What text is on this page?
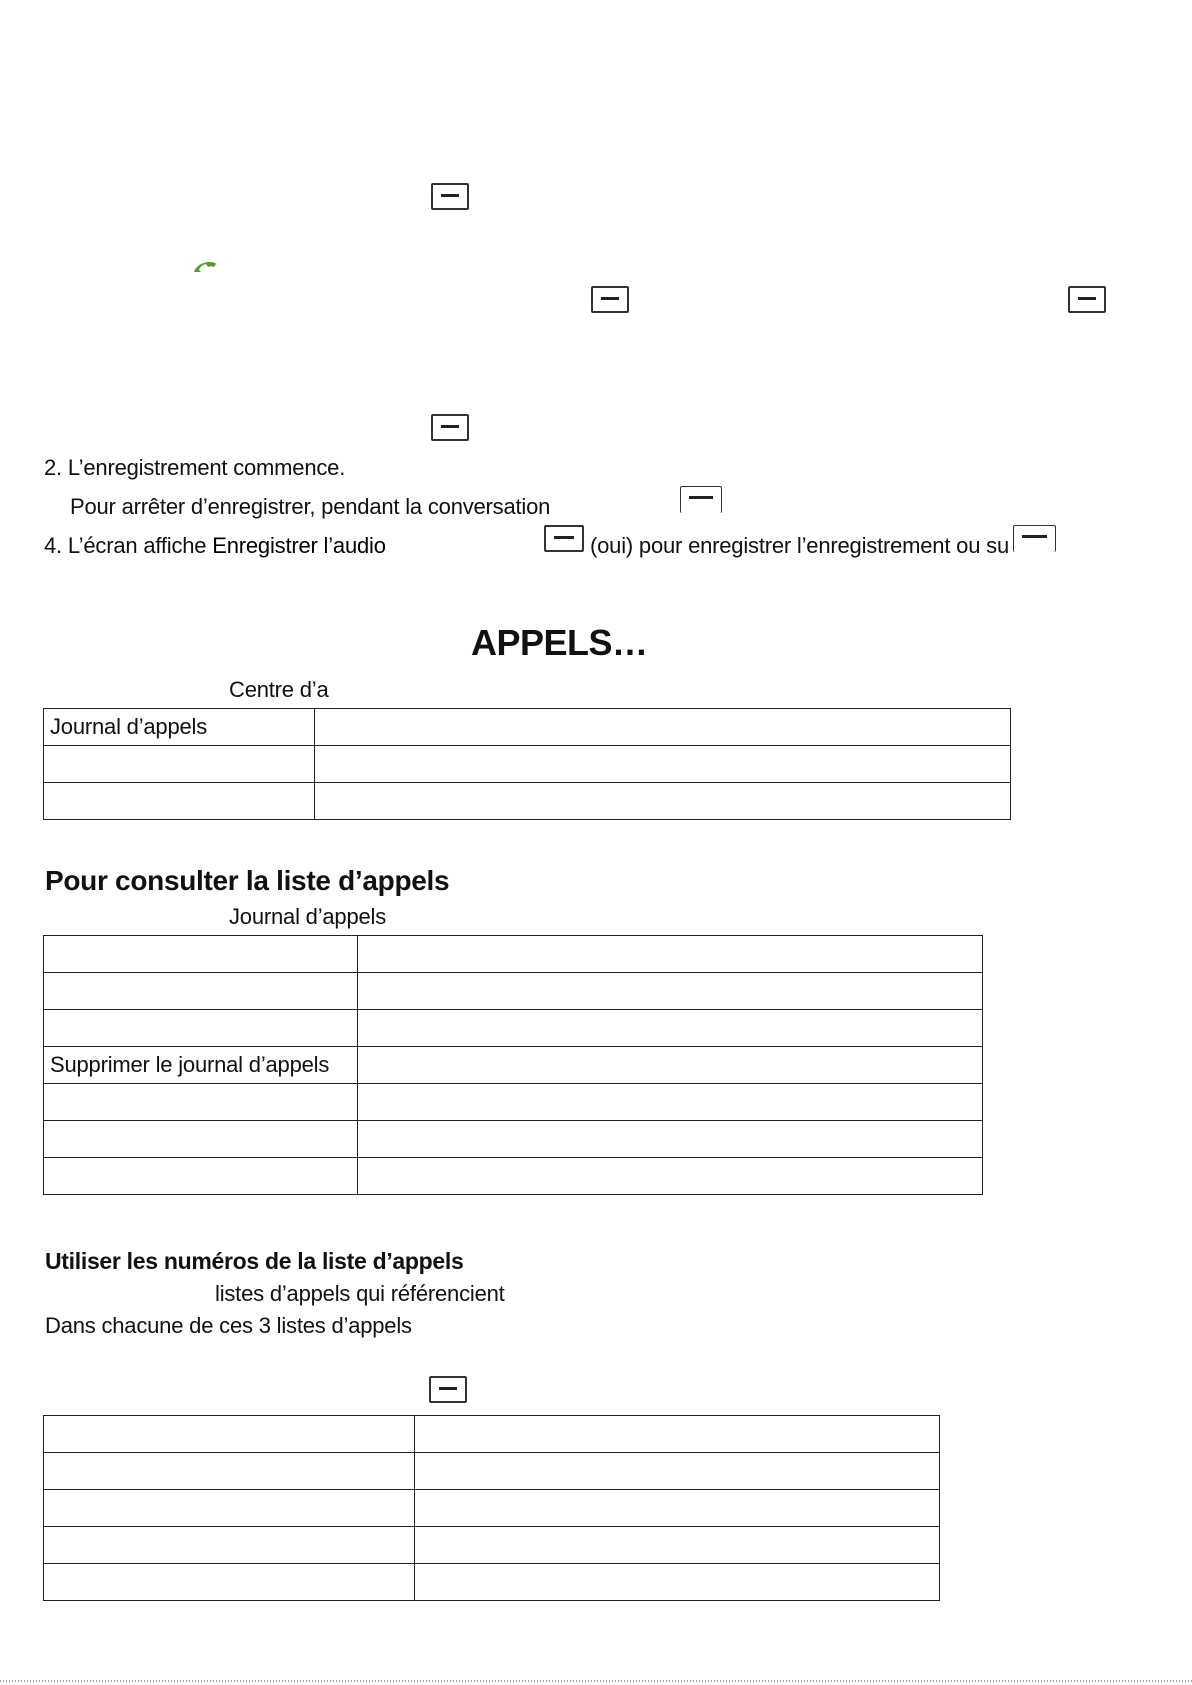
2. L’enregistrement commence.
Pour arrêter d’enregistrer, pendant la conversation
4. L’écran affiche Enregistrer l’audio	(oui) pour enregistrer l’enregistrement ou su
APPELS…
Centre d’a
Journal d’appels	

Pour consulter la liste d’appels
Journal d’appels

Supprimer le journal d’appels	

Utiliser les numéros de la liste d’appels
listes d’appels qui référencient
Dans chacune de ces 3 listes d’appels
